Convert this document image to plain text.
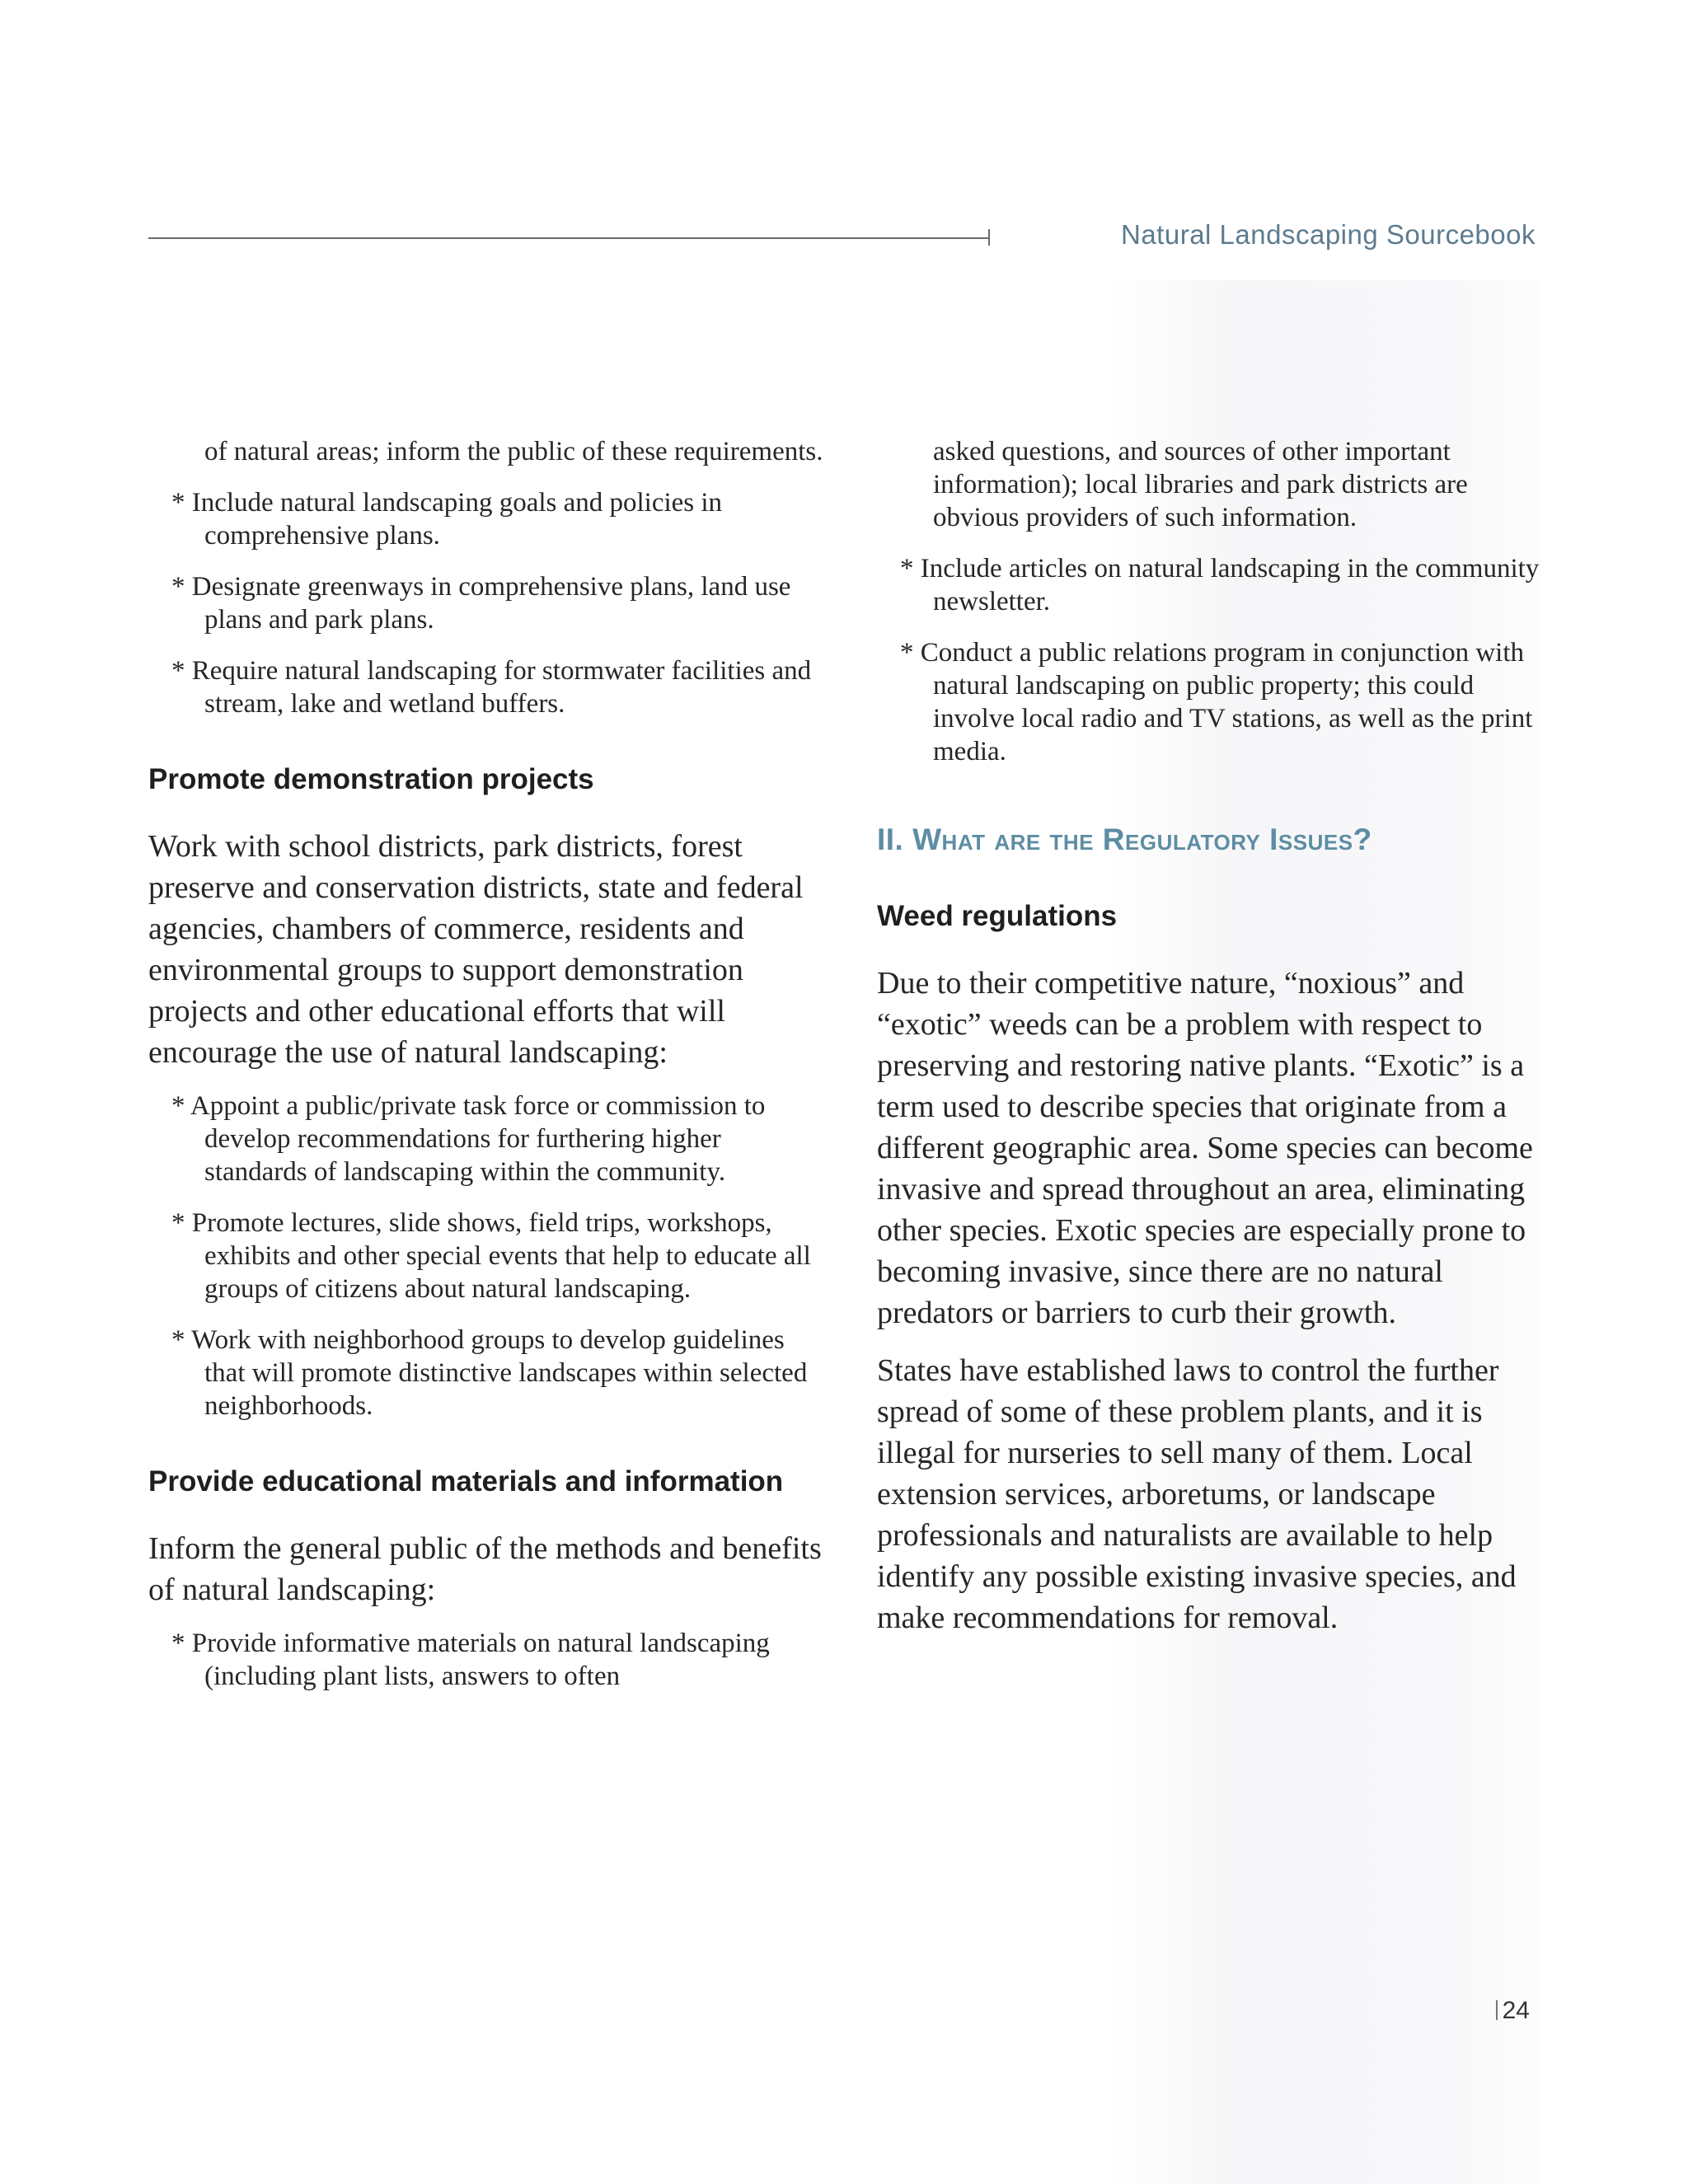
Natural Landscaping Sourcebook

of natural areas; inform the public of these requirements.

* Include natural landscaping goals and policies in comprehensive plans.

* Designate greenways in comprehensive plans, land use plans and park plans.

* Require natural landscaping for stormwater facilities and stream, lake and wetland buffers.

Promote demonstration projects

Work with school districts, park districts, forest preserve and conservation districts, state and federal agencies, chambers of commerce, residents and environmental groups to support demonstration projects and other educational efforts that will encourage the use of natural landscaping:

* Appoint a public/private task force or commission to develop recommendations for furthering higher standards of landscaping within the community.

* Promote lectures, slide shows, field trips, workshops, exhibits and other special events that help to educate all groups of citizens about natural landscaping.

* Work with neighborhood groups to develop guidelines that will promote distinctive landscapes within selected neighborhoods.

Provide educational materials and information

Inform the general public of the methods and benefits of natural landscaping:

* Provide informative materials on natural landscaping (including plant lists, answers to often

asked questions, and sources of other important information); local libraries and park districts are obvious providers of such information.

* Include articles on natural landscaping in the community newsletter.

* Conduct a public relations program in conjunction with natural landscaping on public property; this could involve local radio and TV stations, as well as the print media.

II. What are the Regulatory Issues?
Weed regulations

Due to their competitive nature, “noxious” and “exotic” weeds can be a problem with respect to preserving and restoring native plants. “Exotic” is a term used to describe species that originate from a different geographic area. Some species can become invasive and spread throughout an area, eliminating other species. Exotic species are especially prone to becoming invasive, since there are no natural predators or barriers to curb their growth.

States have established laws to control the further spread of some of these problem plants, and it is illegal for nurseries to sell many of them. Local extension services, arboretums, or landscape professionals and naturalists are available to help identify any possible existing invasive species, and make recommendations for removal.

24
